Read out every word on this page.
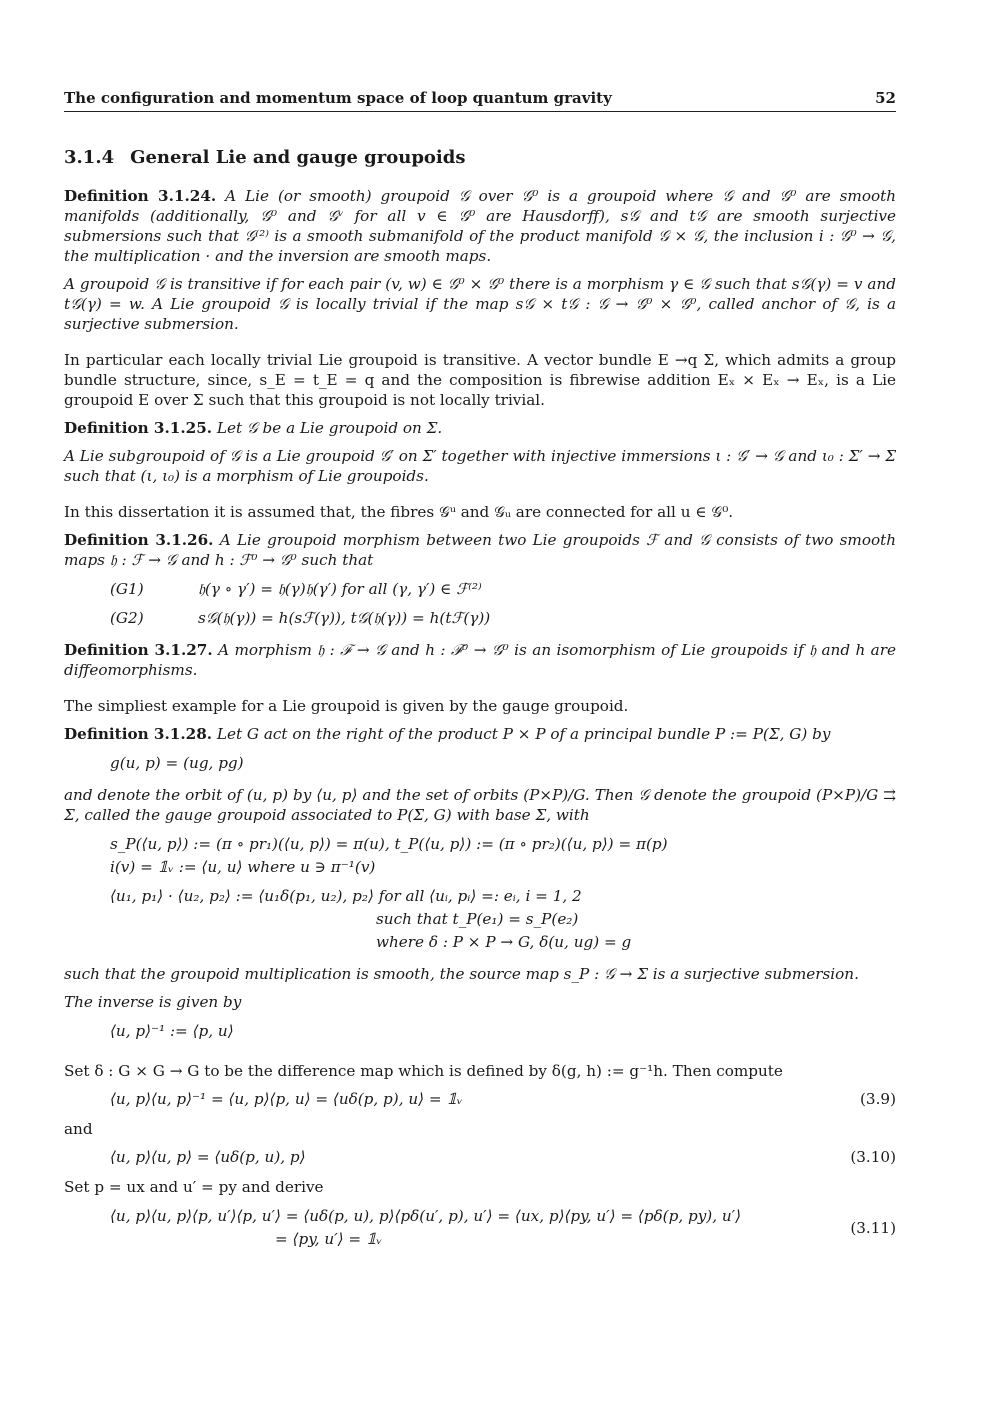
The configuration and momentum space of loop quantum gravity	52
3.1.4 General Lie and gauge groupoids

Definition 3.1.24. A Lie (or smooth) groupoid 𝒢 over 𝒢⁰ is a groupoid where 𝒢 and 𝒢⁰ are smooth manifolds (additionally, 𝒢⁰ and 𝒢ᵛ for all v ∈ 𝒢⁰ are Hausdorff), s𝒢 and t𝒢 are smooth surjective submersions such that 𝒢⁽²⁾ is a smooth submanifold of the product manifold 𝒢 × 𝒢, the inclusion i : 𝒢⁰ → 𝒢, the multiplication · and the inversion are smooth maps.

A groupoid 𝒢 is transitive if for each pair (v, w) ∈ 𝒢⁰ × 𝒢⁰ there is a morphism γ ∈ 𝒢 such that s𝒢(γ) = v and t𝒢(γ) = w. A Lie groupoid 𝒢 is locally trivial if the map s𝒢 × t𝒢 : 𝒢 → 𝒢⁰ × 𝒢⁰, called anchor of 𝒢, is a surjective submersion.

In particular each locally trivial Lie groupoid is transitive. A vector bundle E →q Σ, which admits a group bundle structure, since, s_E = t_E = q and the composition is fibrewise addition Eₓ × Eₓ → Eₓ, is a Lie groupoid E over Σ such that this groupoid is not locally trivial.

Definition 3.1.25. Let 𝒢 be a Lie groupoid on Σ.

A Lie subgroupoid of 𝒢 is a Lie groupoid 𝒢′ on Σ′ together with injective immersions ι : 𝒢′ → 𝒢 and ι₀ : Σ′ → Σ such that (ι, ι₀) is a morphism of Lie groupoids.

In this dissertation it is assumed that, the fibres 𝒢ᵘ and 𝒢ᵤ are connected for all u ∈ 𝒢⁰.

Definition 3.1.26. A Lie groupoid morphism between two Lie groupoids ℱ and 𝒢 consists of two smooth maps 𝔥 : ℱ → 𝒢 and h : ℱ⁰ → 𝒢⁰ such that

(G1)	𝔥(γ ∘ γ′) = 𝔥(γ)𝔥(γ′) for all (γ, γ′) ∈ ℱ⁽²⁾
(G2)	s𝒢(𝔥(γ)) = h(sℱ(γ)), t𝒢(𝔥(γ)) = h(tℱ(γ))

Definition 3.1.27. A morphism 𝔥 : ℱ → 𝒢 and h : ℱ⁰ → 𝒢⁰ is an isomorphism of Lie groupoids if 𝔥 and h are diffeomorphisms.

The simpliest example for a Lie groupoid is given by the gauge groupoid.

Definition 3.1.28. Let G act on the right of the product P × P of a principal bundle P := P(Σ, G) by

g(u, p) = (ug, pg)

and denote the orbit of (u, p) by ⟨u, p⟩ and the set of orbits (P×P)/G. Then 𝒢 denote the groupoid (P×P)/G ⇉ Σ, called the gauge groupoid associated to P(Σ, G) with base Σ, with

s_P(⟨u, p⟩) := (π ∘ pr₁)(⟨u, p⟩) = π(u), t_P(⟨u, p⟩) := (π ∘ pr₂)(⟨u, p⟩) = π(p)
i(v) = 𝟙ᵥ := ⟨u, u⟩ where u ∋ π⁻¹(v)
⟨u₁, p₁⟩ · ⟨u₂, p₂⟩ := ⟨u₁δ(p₁, u₂), p₂⟩ for all ⟨uᵢ, pᵢ⟩ =: eᵢ, i = 1, 2
such that t_P(e₁) = s_P(e₂)
where δ : P × P → G, δ(u, ug) = g

such that the groupoid multiplication is smooth, the source map s_P : 𝒢 → Σ is a surjective submersion.

The inverse is given by

⟨u, p⟩⁻¹ := ⟨p, u⟩

Set δ : G × G → G to be the difference map which is defined by δ(g, h) := g⁻¹h. Then compute

⟨u, p⟩⟨u, p⟩⁻¹ = ⟨u, p⟩⟨p, u⟩ = ⟨uδ(p, p), u⟩ = 𝟙ᵥ	(3.9)

and

⟨u, p⟩⟨u, p⟩ = ⟨uδ(p, u), p⟩	(3.10)

Set p = ux and u′ = py and derive

⟨u, p⟩⟨u, p⟩⟨p, u′⟩⟨p, u′⟩ = ⟨uδ(p, u), p⟩⟨pδ(u′, p), u′⟩ = ⟨ux, p⟩⟨py, u′⟩ = ⟨pδ(p, py), u′⟩
= ⟨py, u′⟩ = 𝟙ᵥ
(3.11)
